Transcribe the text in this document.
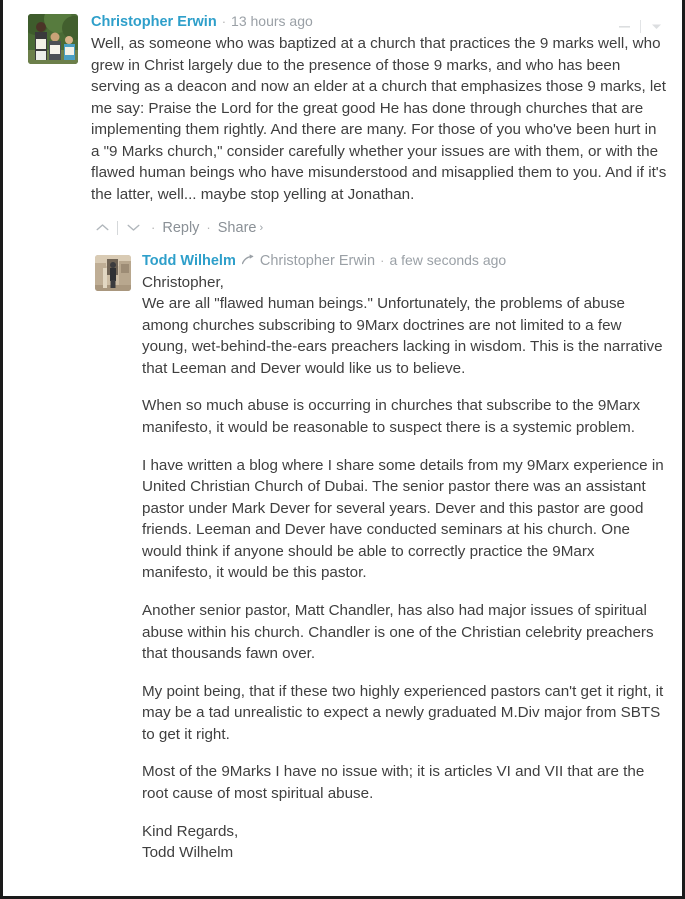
Christopher Erwin · 13 hours ago

Well, as someone who was baptized at a church that practices the 9 marks well, who grew in Christ largely due to the presence of those 9 marks, and who has been serving as a deacon and now an elder at a church that emphasizes those 9 marks, let me say: Praise the Lord for the great good He has done through churches that are implementing them rightly. And there are many. For those of you who've been hurt in a "9 Marks church," consider carefully whether your issues are with them, or with the flawed human beings who have misunderstood and misapplied them to you. And if it's the latter, well... maybe stop yelling at Jonathan.

· Reply · Share ›
Todd Wilhelm Christopher Erwin · a few seconds ago

Christopher,

We are all "flawed human beings." Unfortunately, the problems of abuse among churches subscribing to 9Marx doctrines are not limited to a few young, wet-behind-the-ears preachers lacking in wisdom. This is the narrative that Leeman and Dever would like us to believe.

When so much abuse is occurring in churches that subscribe to the 9Marx manifesto, it would be reasonable to suspect there is a systemic problem.

I have written a blog where I share some details from my 9Marx experience in United Christian Church of Dubai. The senior pastor there was an assistant pastor under Mark Dever for several years. Dever and this pastor are good friends. Leeman and Dever have conducted seminars at his church. One would think if anyone should be able to correctly practice the 9Marx manifesto, it would be this pastor.

Another senior pastor, Matt Chandler, has also had major issues of spiritual abuse within his church. Chandler is one of the Christian celebrity preachers that thousands fawn over.

My point being, that if these two highly experienced pastors can't get it right, it may be a tad unrealistic to expect a newly graduated M.Div major from SBTS to get it right.

Most of the 9Marks I have no issue with; it is articles VI and VII that are the root cause of most spiritual abuse.

Kind Regards,

Todd Wilhelm
